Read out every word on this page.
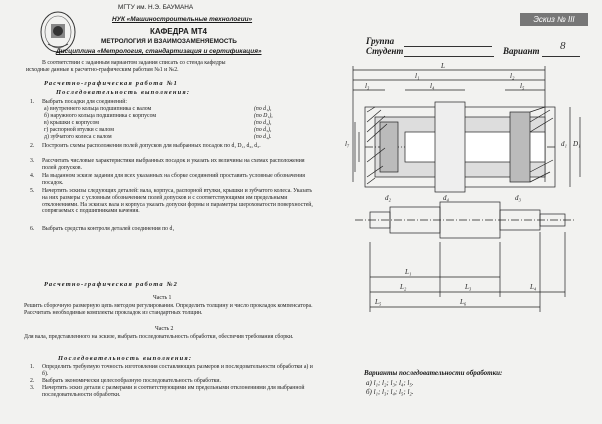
МГТУ им. Н.Э. БАУМАНА
НУК «Машиностроительные технологии»
КАФЕДРА МТ4
МЕТРОЛОГИЯ И ВЗАИМОЗАМЕНЯЕМОСТЬ
Дисциплина «Метрология, стандартизация и сертификация»
В соответствии с заданным вариантом задания списать со стенда кафедры
исходные данные к расчетно-графическим работам №1 и №2.
Расчетно-графическая работа №1
Последовательность выполнения:
1. Выбрать посадки для соединений:
а) внутреннего кольца подшипника с валом	(по d₁),
б) наружного кольца подшипника с корпусом	(по D₁),
в) крышки с корпусом	(по d₂),
г) распорной втулки с валом	(по d₃),
д) зубчатого колеса с валом	(по d₄).
2. Построить схемы расположения полей допусков для выбранных посадок по d, D₁, d₂, d₃.
3. Рассчитать числовые характеристики выбранных посадок и указать их величины на схемах расположения полей допусков.
4. На выданном эскизе задания для всех указанных на сборке соединений проставить условные обозначения посадок.
5. Начертить эскизы следующих деталей: вала, корпуса, распорной втулки, крышки и зубчатого колеса. Указать на них размеры с условным обозначением полей допусков и с соответствующими им предельными отклонениями. На эскизах вала и корпуса указать допуски формы и параметры шероховатости поверхностей, сопрягаемых с подшипниками качения.
6. Выбрать средства контроля деталей соединения по d₁
Расчетно-графическая работа №2
Часть 1
Решить сборочную размерную цепь методом регулирования. Определить толщину и число прокладок компенсатора. Рассчитать необходимые комплекты прокладок из стандартных толщин.
Часть 2
Для вала, представленного на эскизе, выбрать последовательность обработки, обеспечив требования сборки.
Последовательность выполнения:
1. Определить требуемую точность изготовления составляющих размеров и последовательности обработки а) и б).
2. Выбрать экономически целесообразную последовательность обработки.
3. Начертить эскиз детали с размерами и соответствующими им предельными отклонениями для выбранной последовательности обработки.
Эскиз № III
Группа
Студент	Вариант 8
L
l₁	l₂
l₃	l₄	l₅
l₇	d₁ D₁
d₄
d₂	d₃
L₁
L₂	L₃	L₄
L₅	L₆
Варианты последовательности обработки:
а) l₁; l₂; l₃; l₄; l₅.
б) l₁; l₃; l₄; l₅; l₂.
